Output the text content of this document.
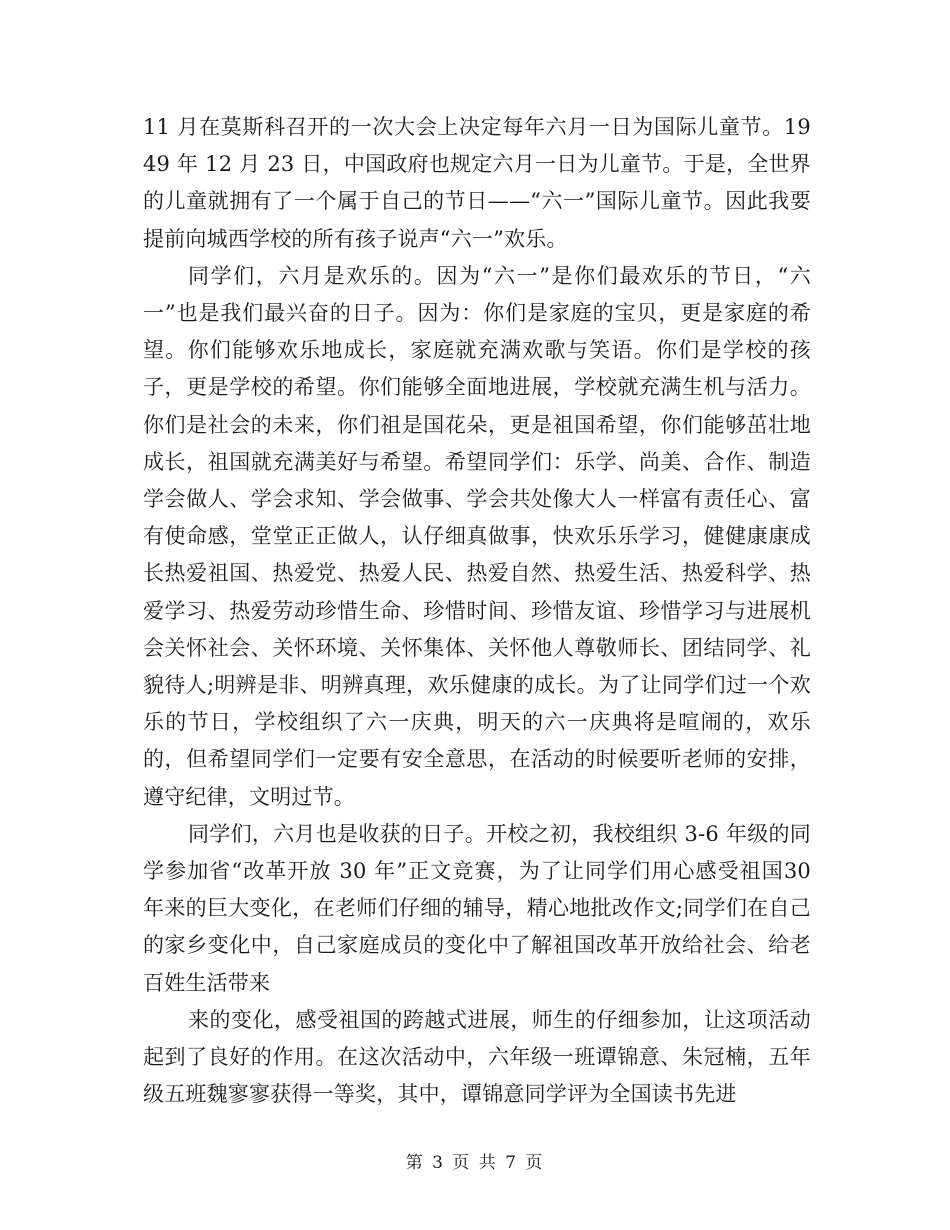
11 月在莫斯科召开的一次大会上决定每年六月一日为国际儿童节。1949 年 12 月 23 日，中国政府也规定六月一日为儿童节。于是，全世界的儿童就拥有了一个属于自己的节日——“六一”国际儿童节。因此我要提前向城西学校的所有孩子说声“六一”欢乐。

同学们，六月是欢乐的。因为“六一”是你们最欢乐的节日，“六一”也是我们最兴奋的日子。因为：你们是家庭的宝贝，更是家庭的希望。你们能够欢乐地成长，家庭就充满欢歌与笑语。你们是学校的孩子，更是学校的希望。你们能够全面地进展，学校就充满生机与活力。你们是社会的未来，你们祖是国花朵，更是祖国希望，你们能够茁壮地成长，祖国就充满美好与希望。希望同学们：乐学、尚美、合作、制造学会做人、学会求知、学会做事、学会共处像大人一样富有责任心、富有使命感，堂堂正正做人，认仔细真做事，快欢乐乐学习，健健康康成长热爱祖国、热爱党、热爱人民、热爱自然、热爱生活、热爱科学、热爱学习、热爱劳动珍惜生命、珍惜时间、珍惜友谊、珍惜学习与进展机会关怀社会、关怀环境、关怀集体、关怀他人尊敬师长、团结同学、礼貌待人;明辨是非、明辨真理，欢乐健康的成长。为了让同学们过一个欢乐的节日，学校组织了六一庆典，明天的六一庆典将是喧闹的，欢乐的，但希望同学们一定要有安全意思，在活动的时候要听老师的安排，遵守纪律，文明过节。

同学们，六月也是收获的日子。开校之初，我校组织 3-6 年级的同学参加省“改革开放 30 年”正文竞赛，为了让同学们用心感受祖国30 年来的巨大变化，在老师们仔细的辅导，精心地批改作文;同学们在自己的家乡变化中，自己家庭成员的变化中了解祖国改革开放给社会、给老百姓生活带来

来的变化，感受祖国的跨越式进展，师生的仔细参加，让这项活动起到了良好的作用。在这次活动中，六年级一班谭锦意、朱冠楠，五年级五班魏寥寥获得一等奖，其中，谭锦意同学评为全国读书先进

第 3 页 共 7 页
